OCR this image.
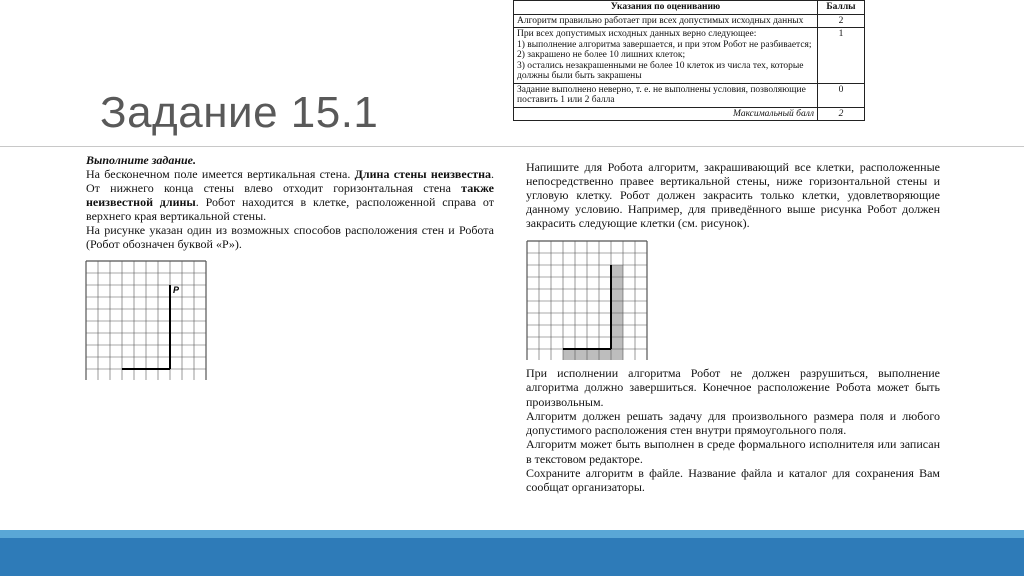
Задание 15.1
Указания по оцениванию	Баллы
Алгоритм правильно работает при всех допустимых исходных данных	2

При всех допустимых исходных данных верно следующее:
1) выполнение алгоритма завершается, и при этом Робот не разбивается;
2) закрашено не более 10 лишних клеток;
3) остались незакрашенными не более 10 клеток из числа тех, которые должны были быть закрашены	1
Задание выполнено неверно, т. е. не выполнены условия, позволяющие поставить 1 или 2 балла	0
Максимальный балл	2

Выполните задание.

На бесконечном поле имеется вертикальная стена. Длина стены неизвестна. От нижнего конца стены влево отходит горизонтальная стена также неизвестной длины. Робот находится в клетке, расположенной справа от верхнего края вертикальной стены.

На рисунке указан один из возможных способов расположения стен и Робота (Робот обозначен буквой «Р»).

Р

Напишите для Робота алгоритм, закрашивающий все клетки, расположенные непосредственно правее вертикальной стены, ниже горизонтальной стены и угловую клетку. Робот должен закрасить только клетки, удовлетворяющие данному условию. Например, для приведённого выше рисунка Робот должен закрасить следующие клетки (см. рисунок).

При исполнении алгоритма Робот не должен разрушиться, выполнение алгоритма должно завершиться. Конечное расположение Робота может быть произвольным.

Алгоритм должен решать задачу для произвольного размера поля и любого допустимого расположения стен внутри прямоугольного поля.

Алгоритм может быть выполнен в среде формального исполнителя или записан в текстовом редакторе.

Сохраните алгоритм в файле. Название файла и каталог для сохранения Вам сообщат организаторы.
